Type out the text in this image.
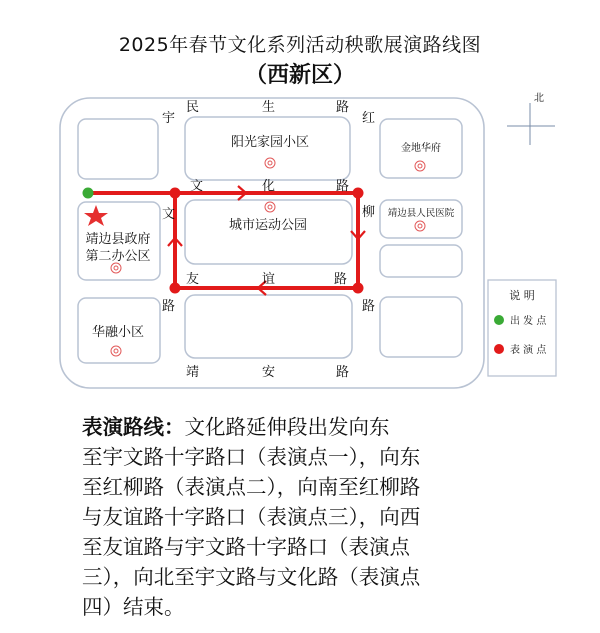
2025年春节文化系列活动秧歌展演路线图
（西新区）
北
宇
民	生	路
红
文	化	路
文	柳
友	谊	路
路	路
靖	安	路
阳光家园小区	金地华府
城市运动公园
靖边县人民医院
靖边县政府
第二办公区
华融小区
说 明
出 发 点
表 演 点
表演路线：文化路延伸段出发向东
至宇文路十字路口（表演点一），向东
至红柳路（表演点二），向南至红柳路
与友谊路十字路口（表演点三），向西
至友谊路与宇文路十字路口（表演点
三），向北至宇文路与文化路（表演点
四）结束。
